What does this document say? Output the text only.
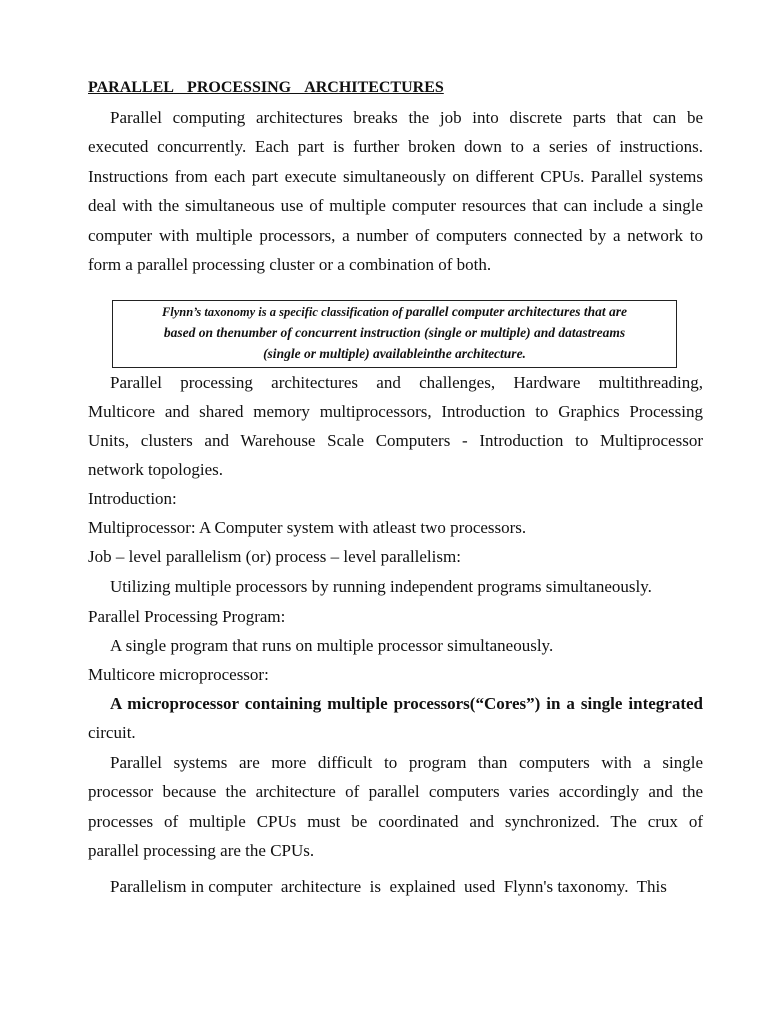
PARALLEL PROCESSING ARCHITECTURES
Parallel computing architectures breaks the job into discrete parts that can be
executed concurrently. Each part is further broken down to a series of instructions.
Instructions from each part execute simultaneously on different CPUs. Parallel systems
deal with the simultaneous use of multiple computer resources that can include a single
computer with multiple processors, a number of computers connected by a network to
form a parallel processing cluster or a combination of both.
Flynn’s taxonomy is a specific classification of parallel computer architectures that are
based on thenumber of concurrent instruction (single or multiple) and datastreams
(single or multiple) availableinthe architecture.
Parallel processing architectures and challenges, Hardware multithreading,
Multicore and shared memory multiprocessors, Introduction to Graphics Processing
Units, clusters and Warehouse Scale Computers - Introduction to Multiprocessor
network topologies.
Introduction:
Multiprocessor: A Computer system with atleast two processors.
Job – level parallelism (or) process – level parallelism:
Utilizing multiple processors by running independent programs simultaneously.
Parallel Processing Program:
A single program that runs on multiple processor simultaneously.
Multicore microprocessor:
A microprocessor containing multiple processors(“Cores”) in a single integrated
circuit.
Parallel systems are more difficult to program than computers with a single
processor because the architecture of parallel computers varies accordingly and the
processes of multiple CPUs must be coordinated and synchronized. The crux of
parallel processing are the CPUs.
Parallelism in computer  architecture  is  explained  used  Flynn's taxonomy.  This
